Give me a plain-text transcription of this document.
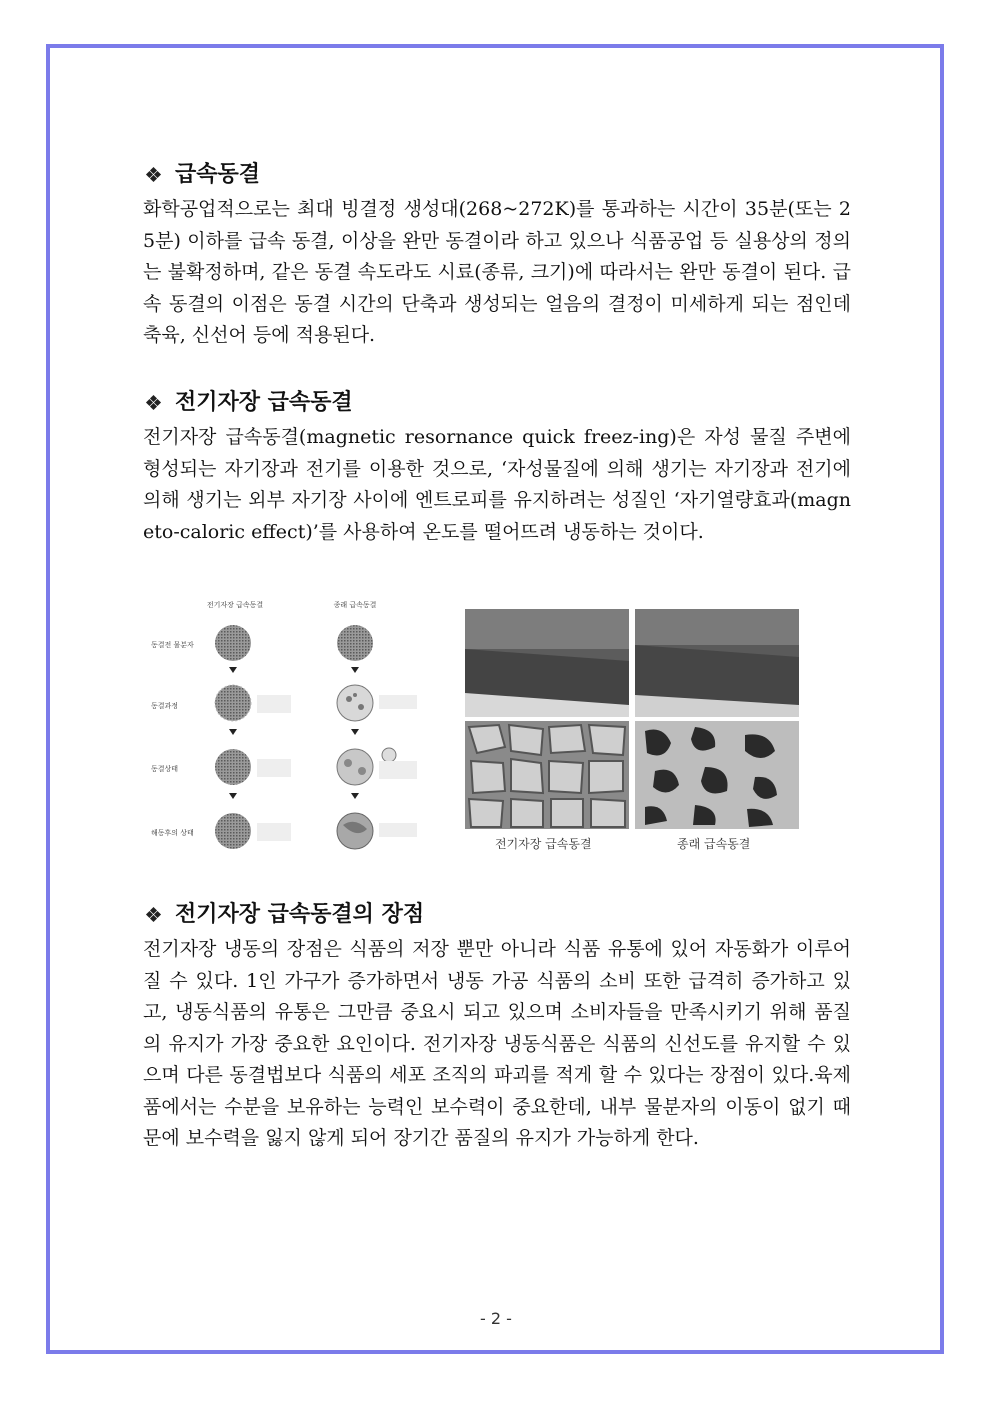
급속동결

화학공업적으로는 최대 빙결정 생성대(268~272K)를 통과하는 시간이 35분(또는 25분) 이하를 급속 동결, 이상을 완만 동결이라 하고 있으나 식품공업 등 실용상의 정의는 불확정하며, 같은 동결 속도라도 시료(종류, 크기)에 따라서는 완만 동결이 된다. 급속 동결의 이점은 동결 시간의 단축과 생성되는 얼음의 결정이 미세하게 되는 점인데 축육, 신선어 등에 적용된다.

전기자장 급속동결

전기자장 급속동결(magnetic resornance quick freez-ing)은 자성 물질 주변에 형성되는 자기장과 전기를 이용한 것으로, ‘자성물질에 의해 생기는 자기장과 전기에 의해 생기는 외부 자기장 사이에 엔트로피를 유지하려는 성질인 ‘자기열량효과(magneto-caloric effect)’를 사용하여 온도를 떨어뜨려 냉동하는 것이다.

전기자장 급속동결	종래 급속동결
동결전 물분자
동결과정
동결상태
해동후의 상태
전기자장 급속동결	종래 급속동결
전기자장 급속동결의 장점

전기자장 냉동의 장점은 식품의 저장 뿐만 아니라 식품 유통에 있어 자동화가 이루어 질 수 있다. 1인 가구가 증가하면서 냉동 가공 식품의 소비 또한 급격히 증가하고 있고, 냉동식품의 유통은 그만큼 중요시 되고 있으며 소비자들을 만족시키기 위해 품질의 유지가 가장 중요한 요인이다. 전기자장 냉동식품은 식품의 신선도를 유지할 수 있으며 다른 동결법보다 식품의 세포 조직의 파괴를 적게 할 수 있다는 장점이 있다.육제품에서는 수분을 보유하는 능력인 보수력이 중요한데, 내부 물분자의 이동이 없기 때문에 보수력을 잃지 않게 되어 장기간 품질의 유지가 가능하게 한다.

- 2 -
